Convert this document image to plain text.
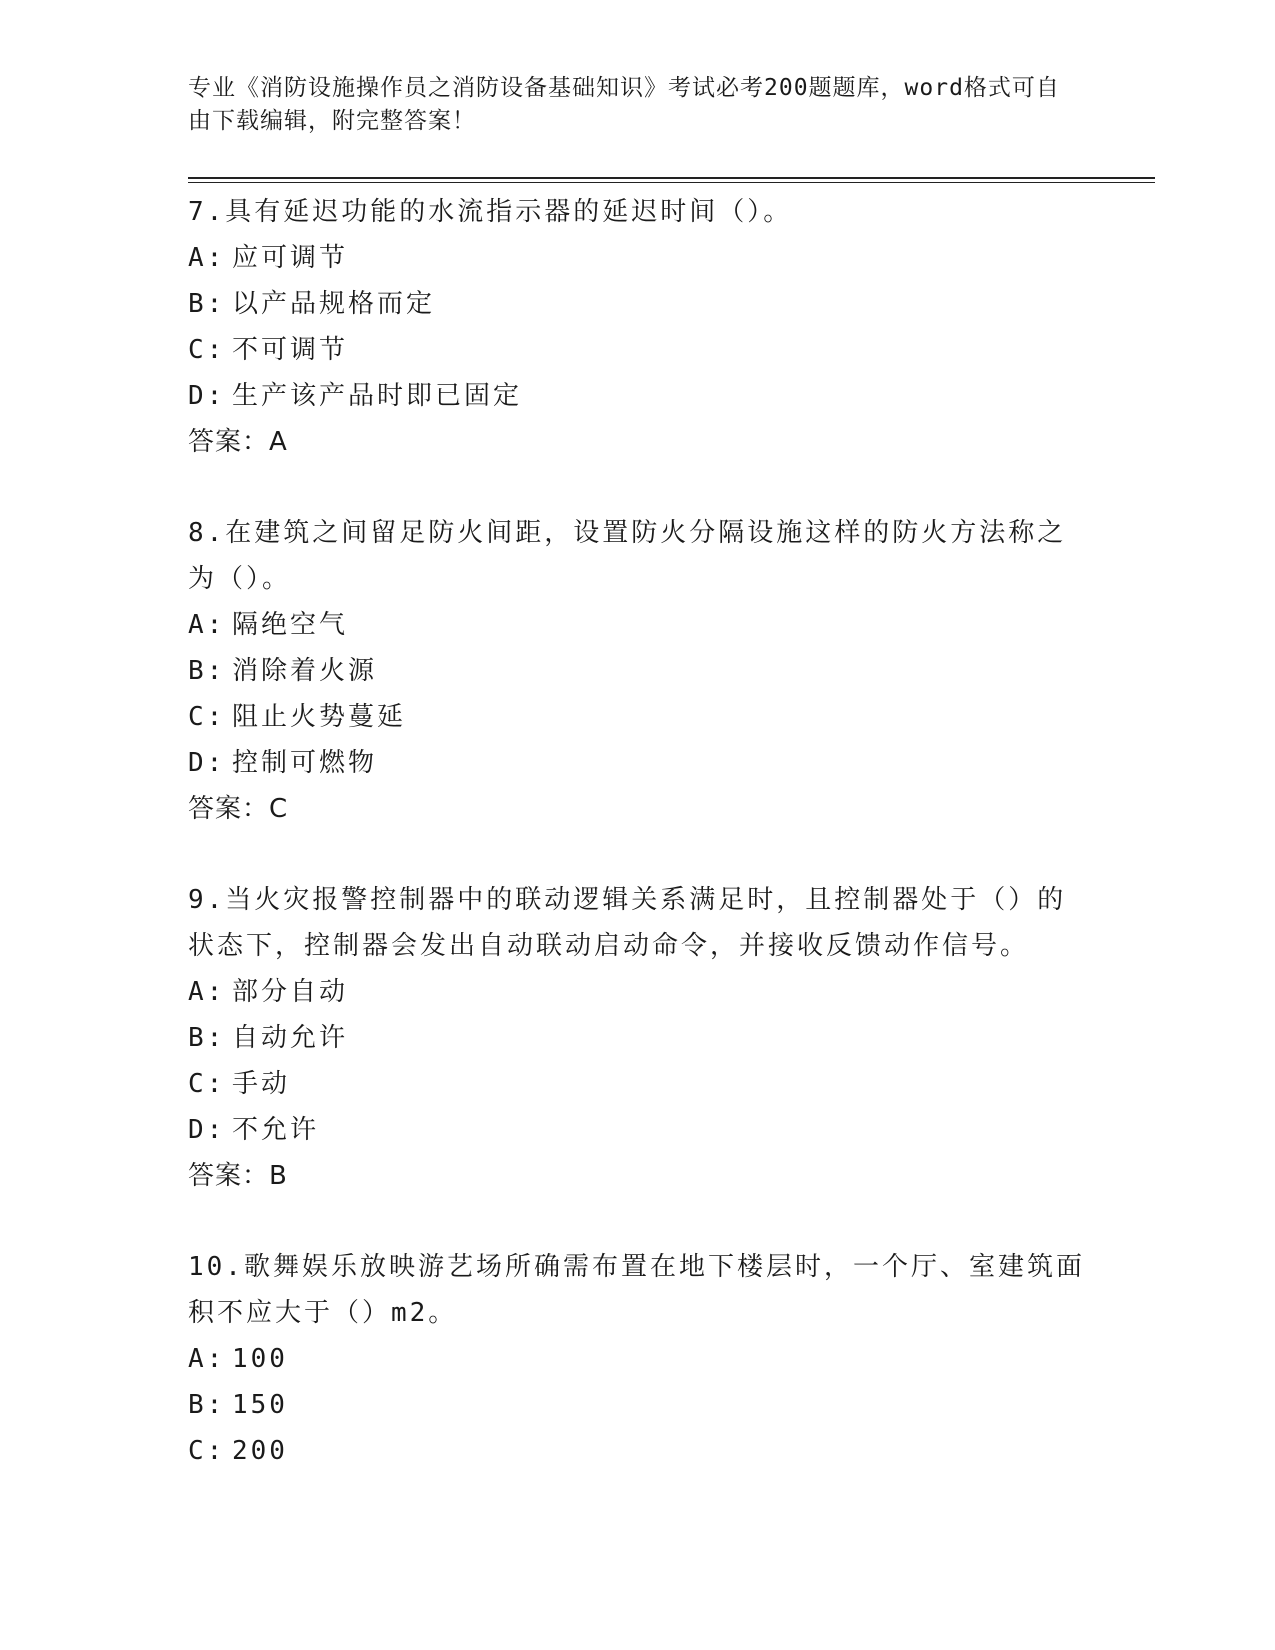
专业《消防设施操作员之消防设备基础知识》考试必考200题题库，word格式可自由下载编辑，附完整答案！
7.具有延迟功能的水流指示器的延迟时间（）。
A: 应可调节
B: 以产品规格而定
C: 不可调节
D: 生产该产品时即已固定
答案：A
8.在建筑之间留足防火间距，设置防火分隔设施这样的防火方法称之为（）。
A: 隔绝空气
B: 消除着火源
C: 阻止火势蔓延
D: 控制可燃物
答案：C
9.当火灾报警控制器中的联动逻辑关系满足时，且控制器处于（）的状态下，控制器会发出自动联动启动命令，并接收反馈动作信号。
A: 部分自动
B: 自动允许
C: 手动
D: 不允许
答案：B
10.歌舞娱乐放映游艺场所确需布置在地下楼层时，一个厅、室建筑面积不应大于（）m2。
A: 100
B: 150
C: 200
